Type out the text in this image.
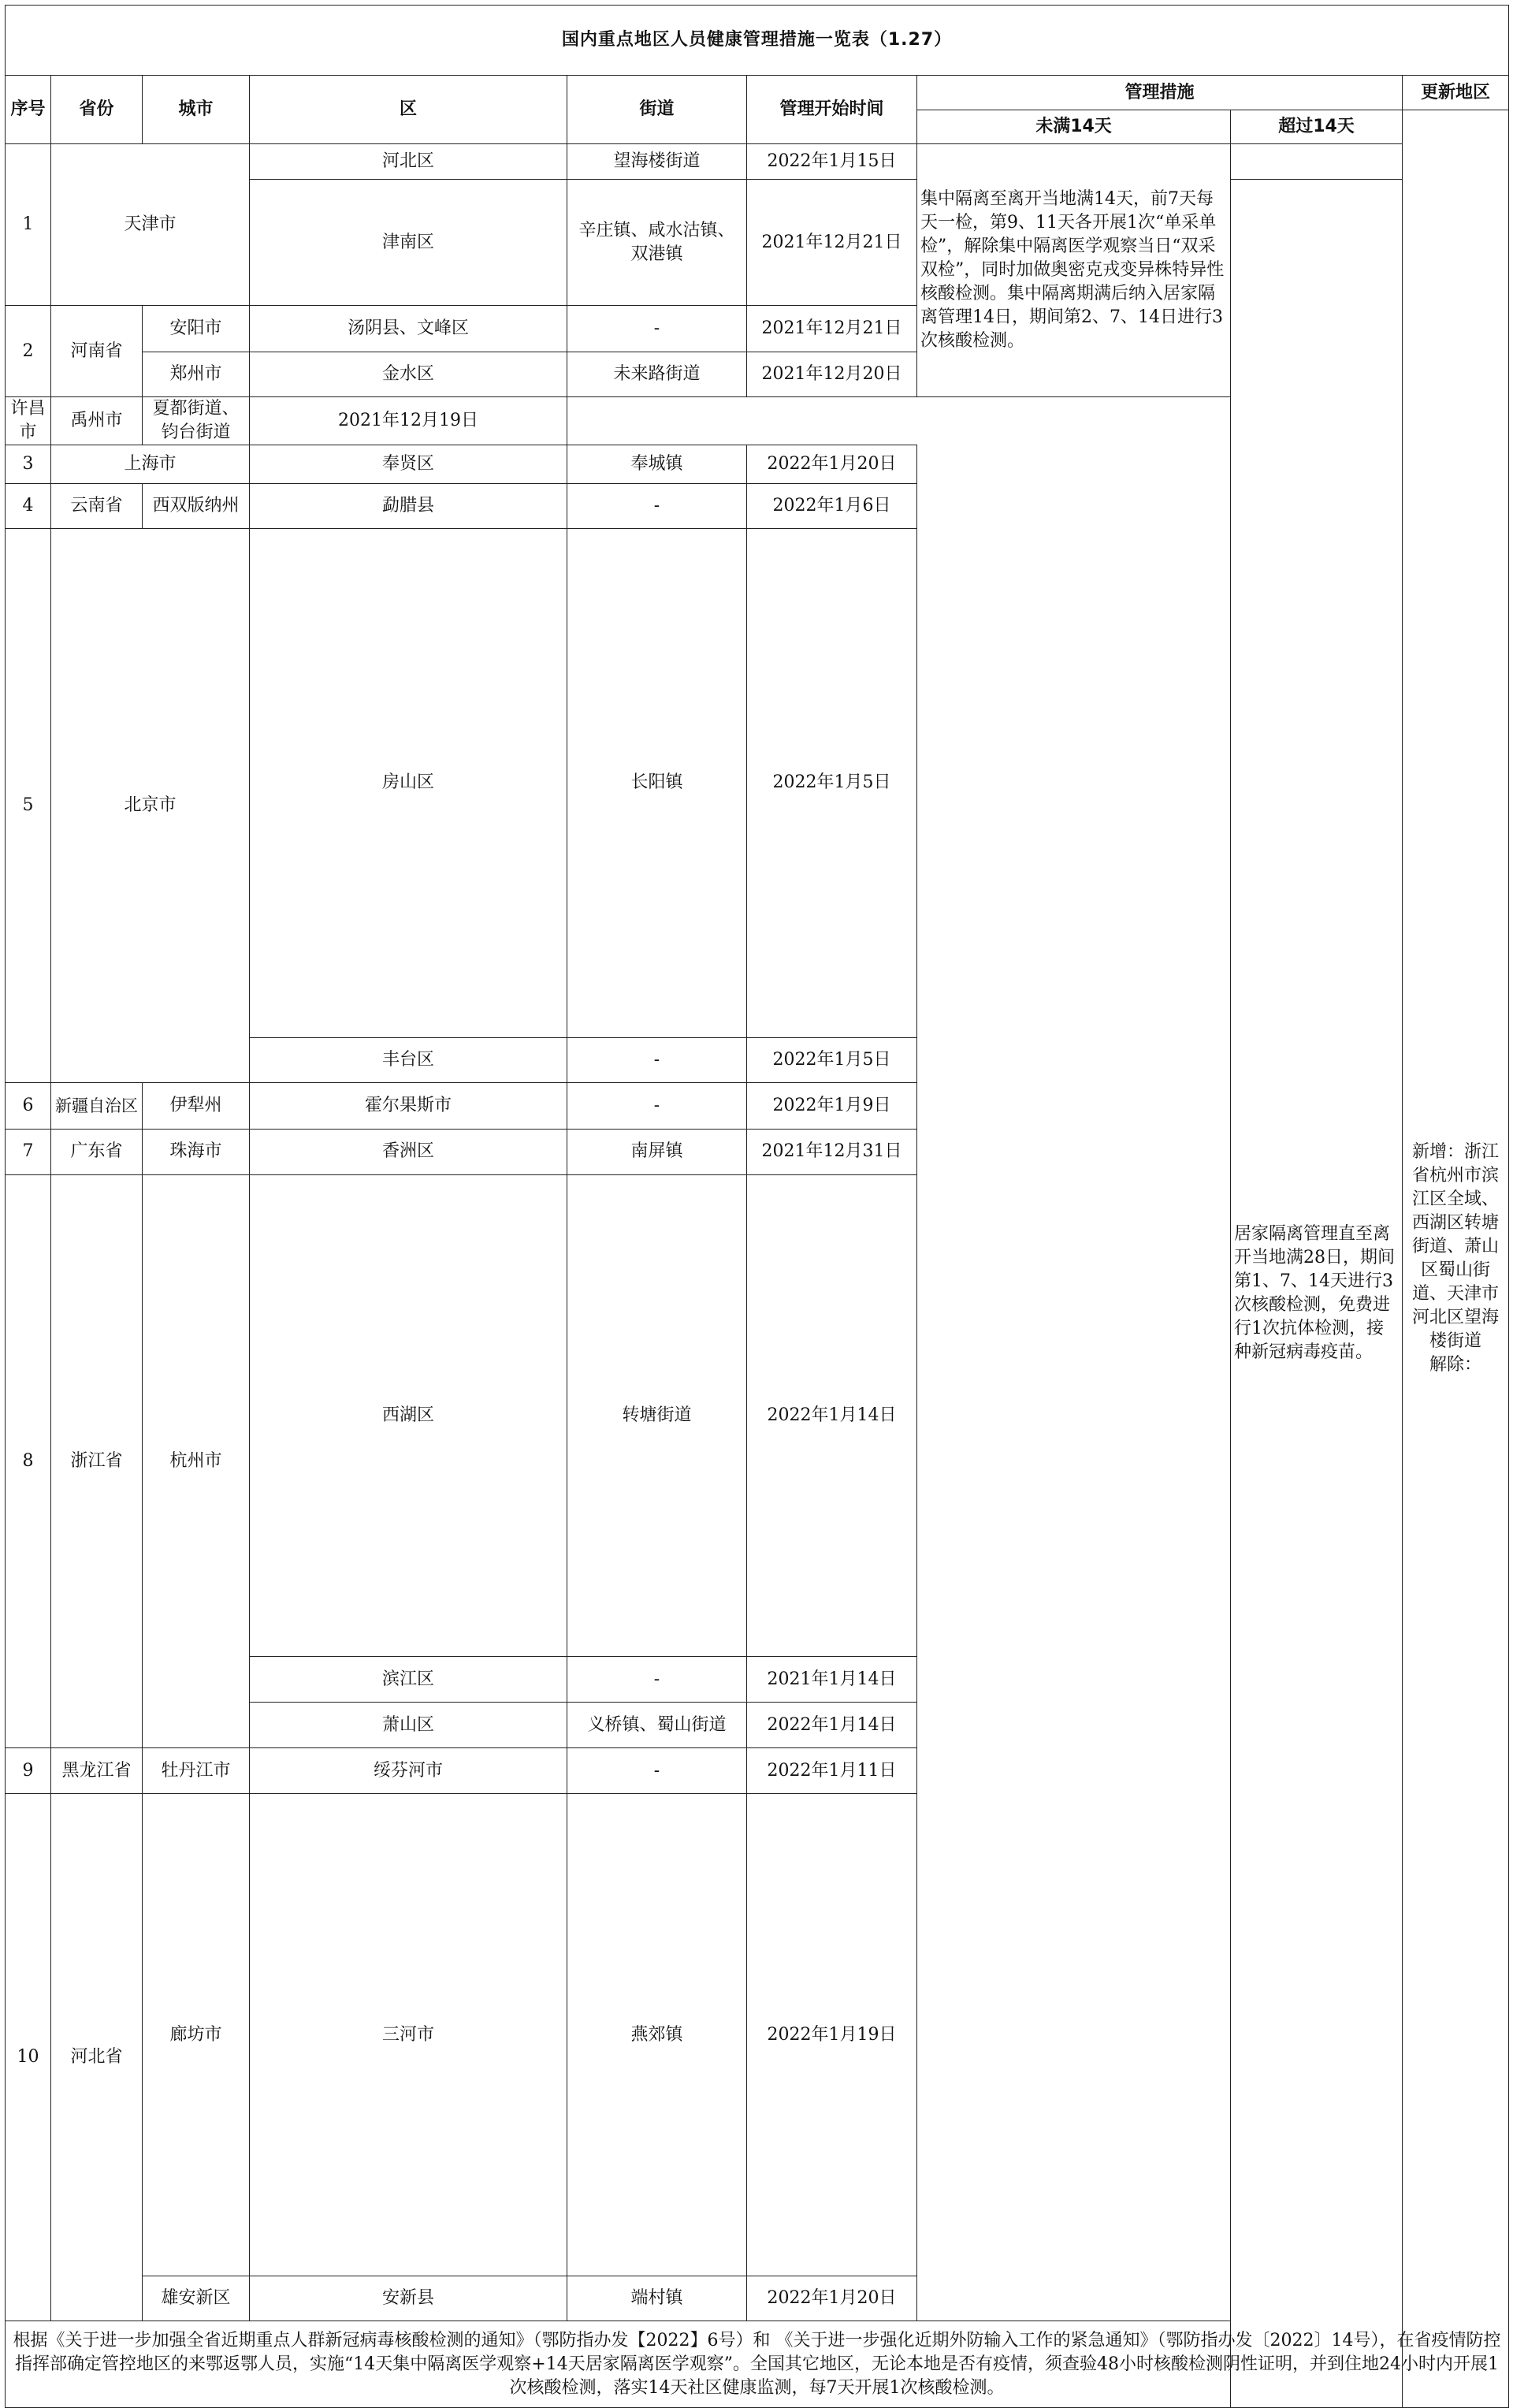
国内重点地区人员健康管理措施一览表（1.27）									
序号	省份	城市	区	街道	管理开始时间	管理措施		更新地区	
						未满14天	超过14天	新增：浙江省杭州市滨江区全域、西湖区转塘街道、萧山区蜀山街道、天津市河北区望海楼街道
解除：	

1	天津市		河北区	望海楼街道	2022年1月15日	集中隔离至离开当地满14天，前7天每天一检，第9、11天各开展1次“单采单检”，解除集中隔离医学观察当日“双采双检”，同时加做奥密克戎变异株特异性核酸检测。集中隔离期满后纳入居家隔离管理14日，期间第2、7、14日进行3次核酸检测。			

			津南区	辛庄镇、咸水沽镇、双港镇	2021年12月21日		居家隔离管理直至离开当地满28日，期间第1、7、14天进行3次核酸检测，免费进行1次抗体检测，接种新冠病毒疫苗。		

2	河南省	安阳市	汤阴县、文峰区	-	2021年12月21日				
		郑州市	金水区	未来路街道	2021年12月20日				

许昌市	禹州市	夏都街道、钧台街道	2021年12月19日						
3	上海市		奉贤区	奉城镇	2022年1月20日				
4	云南省	西双版纳州	勐腊县	-	2022年1月6日				
5	北京市		房山区	长阳镇	2022年1月5日				
			丰台区	-	2022年1月5日				
6	新疆自治区	伊犁州	霍尔果斯市	-	2022年1月9日				
7	广东省	珠海市	香洲区	南屏镇	2021年12月31日				
8	浙江省	杭州市	西湖区	转塘街道	2022年1月14日				
			滨江区	-	2021年1月14日				
			萧山区	义桥镇、蜀山街道	2022年1月14日				
9	黑龙江省	牡丹江市	绥芬河市	-	2022年1月11日				
10	河北省	廊坊市	三河市	燕郊镇	2022年1月19日				
		雄安新区	安新县	端村镇	2022年1月20日				
根据《关于进一步加强全省近期重点人群新冠病毒核酸检测的通知》（鄂防指办发【2022】6号）和 《关于进一步强化近期外防输入工作的紧急通知》（鄂防指办发〔2022〕14号），在省疫情防控指挥部确定管控地区的来鄂返鄂人员，实施“14天集中隔离医学观察+14天居家隔离医学观察”。全国其它地区，无论本地是否有疫情，须查验48小时核酸检测阴性证明，并到住地24小时内开展1次核酸检测，落实14天社区健康监测，每7天开展1次核酸检测。									
